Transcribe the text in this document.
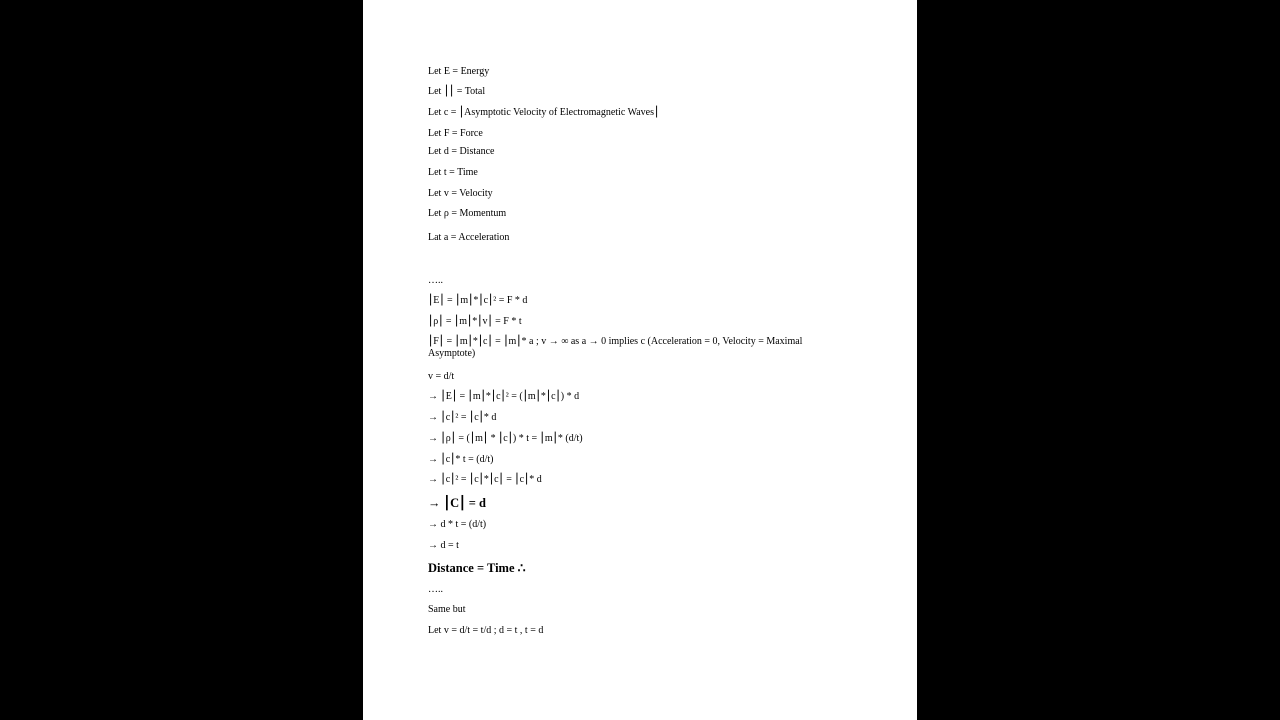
Let E = Energy
Let ⎮⎮ = Total
Let c = ⎮Asymptotic Velocity of Electromagnetic Waves⎮
Let F = Force
Let d = Distance
Let t = Time
Let v = Velocity
Let ρ = Momentum
Lat a = Acceleration
…..
⎮E⎮ = ⎮m⎮*⎮c⎮² = F * d
⎮ρ⎮ = ⎮m⎮*⎮v⎮ = F * t
⎮F⎮ = ⎮m⎮*⎮c⎮ = ⎮m⎮* a ; v → ∞ as a → 0 implies c (Acceleration = 0, Velocity = Maximal Asymptote)
v = d/t
→ ⎮E⎮ = ⎮m⎮*⎮c⎮² = (⎮m⎮*⎮c⎮) * d
→ ⎮c⎮² = ⎮c⎮* d
→ ⎮ρ⎮ = (⎮m⎮ * ⎮c⎮) * t = ⎮m⎮* (d/t)
→ ⎮c⎮* t = (d/t)
→ ⎮c⎮² = ⎮c⎮*⎮c⎮ = ⎮c⎮* d
→ ⎮C⎮ = d
→ d * t = (d/t)
→ d = t
Distance = Time ∴
…..
Same but
Let v = d/t = t/d ; d = t , t = d
